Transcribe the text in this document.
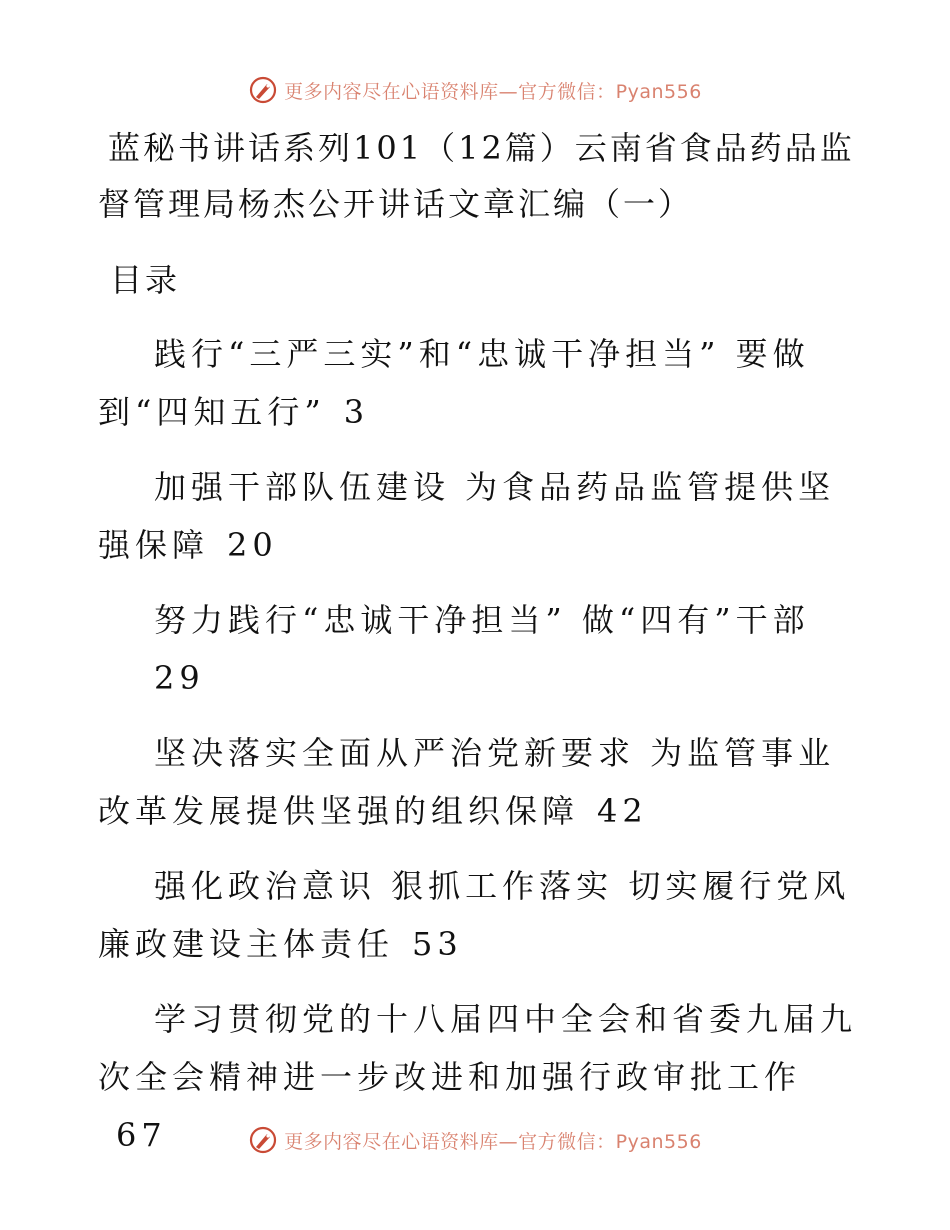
更多内容尽在心语资料库—官方微信：Pyan556
蓝秘书讲话系列101（12篇）云南省食品药品监督管理局杨杰公开讲话文章汇编（一）
目录

践行“三严三实”和“忠诚干净担当” 要做到“四知五行” 3

加强干部队伍建设 为食品药品监管提供坚强保障 20

努力践行“忠诚干净担当” 做“四有”干部
29

坚决落实全面从严治党新要求 为监管事业改革发展提供坚强的组织保障 42

强化政治意识 狠抓工作落实 切实履行党风廉政建设主体责任 53

学习贯彻党的十八届四中全会和省委九届九次全会精神进一步改进和加强行政审批工作67	更多内容尽在心语资料库—官方微信：Pyan556
